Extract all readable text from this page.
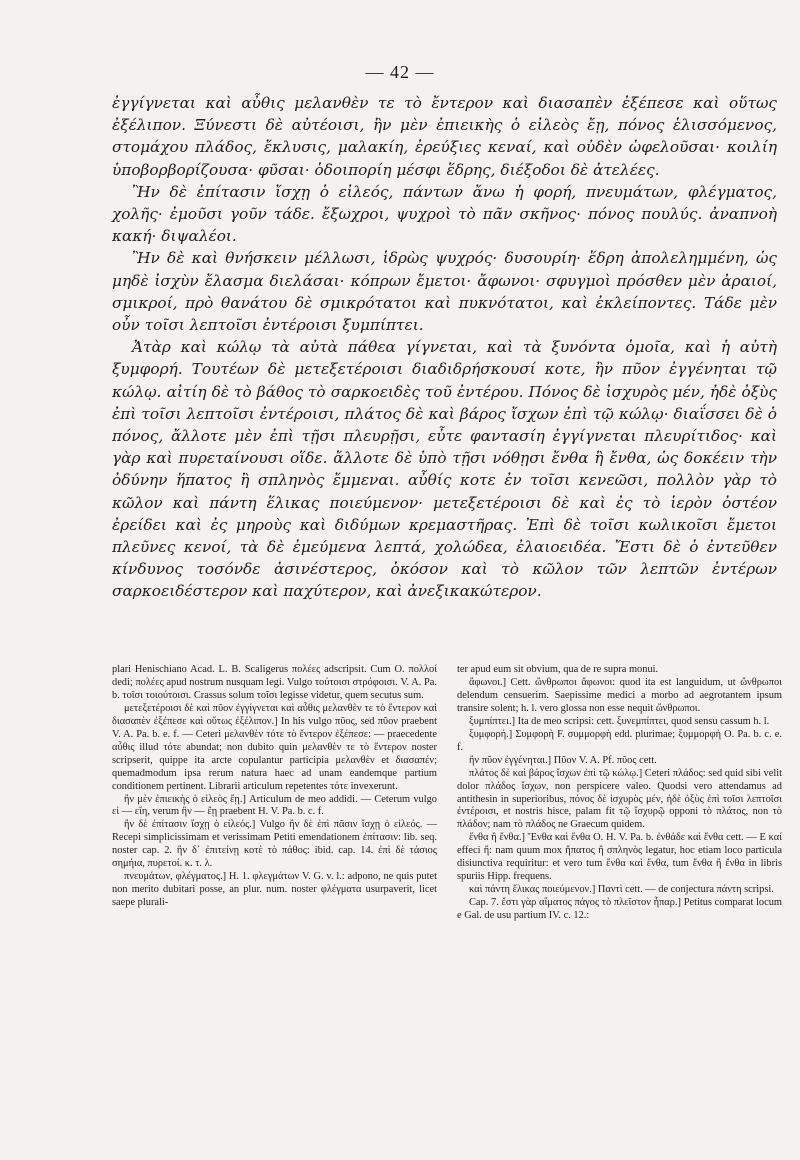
— 42 —

ἐγγίγνεται καὶ αὖθις μελανθὲν τε τὸ ἔντερον καὶ διασαπὲν ἐξέπεσε καὶ οὕτως ἐξέλιπον. Ξύνεστι δὲ αὐτέοισι, ἢν μὲν ἐπιεικὴς ὁ εἰλεὸς ἔῃ, πόνος ἑλισσόμενος, στομάχου πλάδος, ἔκλυσις, μαλακίη, ἐρεύξιες κεναί, καὶ οὐδὲν ὠφελοῦσαι· κοιλίη ὑποβορβορίζουσα· φῦσαι· ὁδοιπορίη μέσφι ἕδρης, διέξοδοι δὲ ἀτελέες.

Ἢν δὲ ἐπίτασιν ἴσχῃ ὁ εἰλεός, πάντων ἄνω ἡ φορή, πνευμάτων, φλέγματος, χολῆς· ἐμοῦσι γοῦν τάδε. ἔξωχροι, ψυχροὶ τὸ πᾶν σκῆνος· πόνος πουλύς. ἀναπνοὴ κακή· διψαλέοι.

Ἢν δὲ καὶ θνήσκειν μέλλωσι, ἱδρὼς ψυχρός· δυσουρίη· ἕδρη ἀπολελημμένη, ὡς μηδὲ ἰσχὺν ἔλασμα διελάσαι· κόπρων ἔμετοι· ἄφωνοι· σφυγμοὶ πρόσθεν μὲν ἀραιοί, σμικροί, πρὸ θανάτου δὲ σμικρότατοι καὶ πυκνότατοι, καὶ ἐκλείποντες. Τάδε μὲν οὖν τοῖσι λεπτοῖσι ἐντέροισι ξυμπίπτει.

Ἀτὰρ καὶ κώλῳ τὰ αὐτὰ πάθεα γίγνεται, καὶ τὰ ξυνόντα ὁμοῖα, καὶ ἡ αὐτὴ ξυμφορή. Τουτέων δὲ μετεξετέροισι διαδιδρήσκουσί κοτε, ἢν πῦον ἐγγένηται τῷ κώλῳ. αἰτίη δὲ τὸ βάθος τὸ σαρκοειδὲς τοῦ ἐντέρου. Πόνος δὲ ἰσχυρὸς μέν, ἠδὲ ὀξὺς ἐπὶ τοῖσι λεπτοῖσι ἐντέροισι, πλάτος δὲ καὶ βάρος ἴσχων ἐπὶ τῷ κώλῳ· διαΐσσει δὲ ὁ πόνος, ἄλλοτε μὲν ἐπὶ τῇσι πλευρῇσι, εὖτε φαντασίη ἐγγίγνεται πλευρίτιδος· καὶ γὰρ καὶ πυρεταίνουσι οἵδε. ἄλλοτε δὲ ὑπὸ τῇσι νόθῃσι ἔνθα ἢ ἔνθα, ὡς δοκέειν τὴν ὀδύνην ἥπατος ἢ σπληνὸς ἔμμεναι. αὖθίς κοτε ἐν τοῖσι κενεῶσι, πολλὸν γὰρ τὸ κῶλον καὶ πάντη ἕλικας ποιεύμενον· μετεξετέροισι δὲ καὶ ἐς τὸ ἱερὸν ὀστέον ἐρείδει καὶ ἐς μηροὺς καὶ διδύμων κρεμαστῆρας. Ἐπὶ δὲ τοῖσι κωλικοῖσι ἔμετοι πλεῦνες κενοί, τὰ δὲ ἐμεύμενα λεπτά, χολώδεα, ἐλαιοειδέα. Ἔστι δὲ ὁ ἐντεῦθεν κίνδυνος τοσόνδε ἀσινέστερος, ὁκόσον καὶ τὸ κῶλον τῶν λεπτῶν ἐντέρων σαρκοειδέστερον καὶ παχύτερον, καὶ ἀνεξικακώτερον.

plari Henischiano Acad. L. B. Scaligerus πολέες adscripsit. Cum O. πολλοί dedi; πολέες apud nostrum nusquam legi. Vulgo τούτοισι στρόφοισι. V. A. Pa. b. τοῖσι τοιούτοισι. Crassus solum τοῖσι legisse videtur, quem secutus sum.

μετεξετέροισι δὲ καὶ πῦον ἐγγίγνεται καὶ αὖθις μελανθὲν τε τὸ ἔντερον καὶ διασαπὲν ἐξέπεσε καὶ οὕτως ἐξέλιπον.] In his vulgo πῦος, sed πῦον praebent V. A. Pa. b. e. f. — Ceteri μελανθὲν τότε τὸ ἔντερον ἐξέπεσε: — praecedente αὖθις illud τότε abundat; non dubito quin μελανθὲν τε τὸ ἔντερον noster scripserit, quippe ita arcte copulantur participia μελανθὲν et διασαπέν; quemadmodum ipsa rerum natura haec ad unam eandemque partium conditionem pertinent. Librarii articulum repetentes τότε invexerunt.

ἢν μὲν ἐπιεικὴς ὁ εἰλεὸς ἔῃ.] Articulum de meo addidi. — Ceterum vulgo εἰ — εἴη, verum ἢν — ἔῃ praebent H. V. Pa. b. c. f.

ἢν δὲ ἐπίτασιν ἴσχῃ ὁ εἰλεός.] Vulgo ἢν δὲ ἐπὶ πᾶσιν ἴσχῃ ὁ εἰλεός. — Recepi simplicissimam et verissimam Petiti emendationem ἐπίτασιν: lib. seq. noster cap. 2. ἢν δ᾿ ἐπιτείνῃ κοτὲ τὸ πάθος: ibid. cap. 14. ἐπὶ δὲ τάσιος σημήια, πυρετοί. κ. τ. λ.

πνευμάτων, φλέγματος.] H. 1. φλεγμάτων V. G. v. l.: adpono, ne quis putet non merito dubitari posse, an plur. num. noster φλέγματα usurpaverit, licet saepe plurali-

ter apud eum sit obvium, qua de re supra monui.

ἄφωνοι.] Cett. ὤνθρωποι ἄφωνοι: quod ita est languidum, ut ὤνθρωποι delendum censuerim. Saepissime medici a morbo ad aegrotantem ipsum transire solent; h. l. vero glossa non esse nequit ὤνθρωποι.

ξυμπίπτει.] Ita de meo scripsi: cett. ξυνεμπίπτει, quod sensu cassum h. l.

ξυμφορή.] Συμφορὴ F. συμμορφὴ edd. plurimae; ξυμμορφὴ O. Pa. b. c. e. f.

ἢν πῦον ἐγγένηται.] Πῦον V. A. Pf. πῦος cett.

πλάτος δὲ καὶ βάρος ἴσχων ἐπὶ τῷ κώλῳ.] Ceteri πλάδος: sed quid sibi velit dolor πλάδος ἴσχων, non perspicere valeo. Quodsi vero attendamus ad antithesin in superioribus, πόνος δὲ ἰσχυρὸς μέν, ἠδὲ ὀξὺς ἐπὶ τοῖσι λεπτοῖσι ἐντέροισι, et nostris hisce, palam fit τῷ ἴσχυρῷ opponi τὸ πλάτος, non τὸ πλάδον; nam τὸ πλάδος ne Graecum quidem.

ἔνθα ἢ ἔνθα.] Ἔνθα καὶ ἔνθα O. H. V. Pa. b. ἐνθάδε καὶ ἔνθα cett. — Ε καί effeci ἤ: nam quum mox ἥπατος ἢ σπληνὸς legatur, hoc etiam loco particula disiunctiva requiritur: et vero tum ἔνθα καὶ ἔνθα, tum ἔνθα ἢ ἔνθα in libris spuriis Hipp. frequens.

καὶ πάντη ἕλικας ποιεύμενον.] Παντὶ cett. — de conjectura πάντη scripsi.

Cap. 7. ἔστι γὰρ αἵματος πάγος τὸ πλεῖστον ἧπαρ.] Petitus comparat locum e Gal. de usu partium IV. c. 12.:
